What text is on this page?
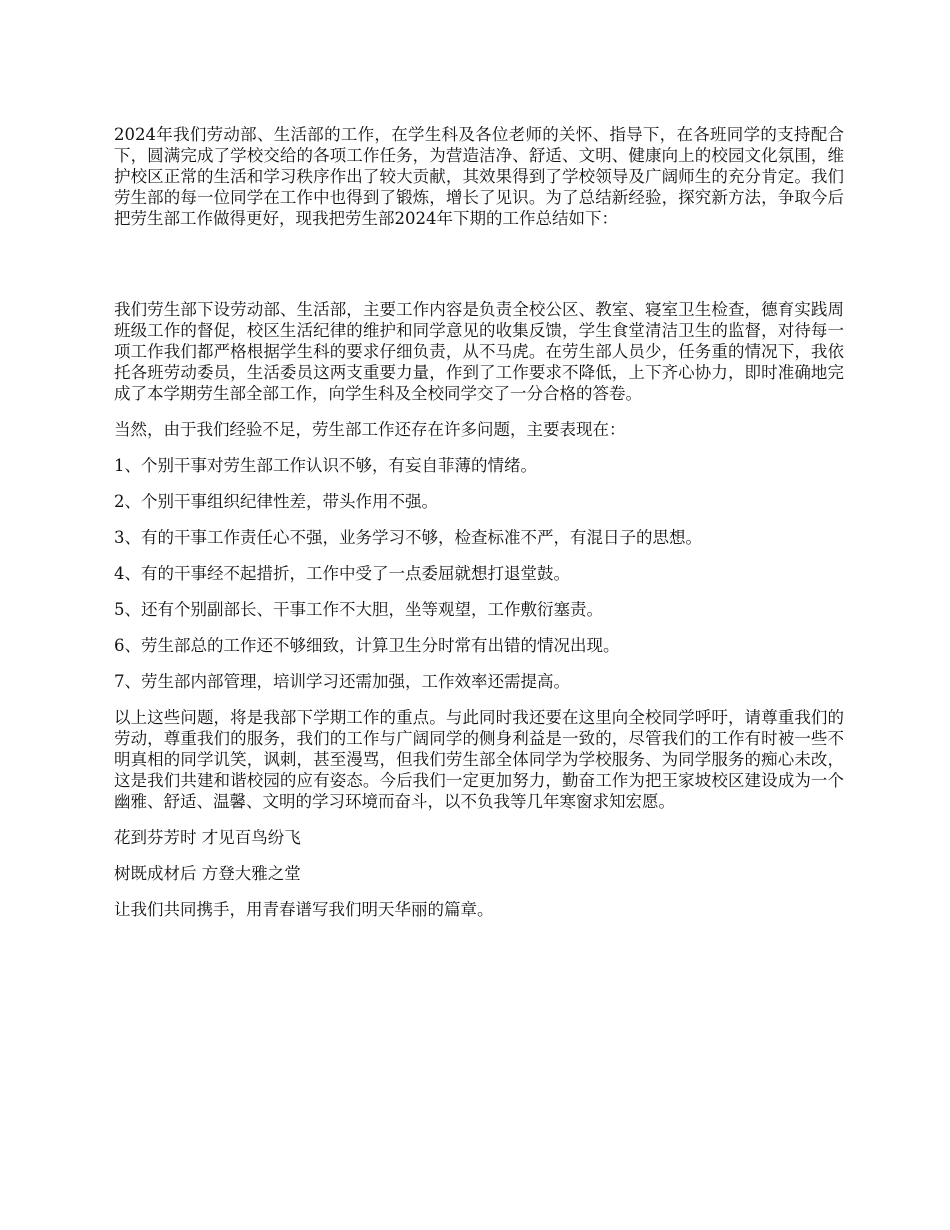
2024年我们劳动部、生活部的工作，在学生科及各位老师的关怀、指导下，在各班同学的支持配合下，圆满完成了学校交给的各项工作任务，为营造洁净、舒适、文明、健康向上的校园文化氛围，维护校区正常的生活和学习秩序作出了较大贡献，其效果得到了学校领导及广阔师生的充分肯定。我们劳生部的每一位同学在工作中也得到了锻炼，增长了见识。为了总结新经验，探究新方法，争取今后把劳生部工作做得更好，现我把劳生部2024年下期的工作总结如下：

我们劳生部下设劳动部、生活部，主要工作内容是负责全校公区、教室、寝室卫生检查，德育实践周班级工作的督促，校区生活纪律的维护和同学意见的收集反馈，学生食堂清洁卫生的监督，对待每一项工作我们都严格根据学生科的要求仔细负责，从不马虎。在劳生部人员少，任务重的情况下，我依托各班劳动委员，生活委员这两支重要力量，作到了工作要求不降低，上下齐心协力，即时准确地完成了本学期劳生部全部工作，向学生科及全校同学交了一分合格的答卷。

当然，由于我们经验不足，劳生部工作还存在许多问题，主要表现在：

1、个别干事对劳生部工作认识不够，有妄自菲薄的情绪。

2、个别干事组织纪律性差，带头作用不强。

3、有的干事工作责任心不强，业务学习不够，检查标准不严，有混日子的思想。

4、有的干事经不起措折，工作中受了一点委屈就想打退堂鼓。

5、还有个别副部长、干事工作不大胆，坐等观望，工作敷衍塞责。

6、劳生部总的工作还不够细致，计算卫生分时常有出错的情况出现。

7、劳生部内部管理，培训学习还需加强，工作效率还需提高。

以上这些问题，将是我部下学期工作的重点。与此同时我还要在这里向全校同学呼吁，请尊重我们的劳动，尊重我们的服务，我们的工作与广阔同学的侧身利益是一致的，尽管我们的工作有时被一些不明真相的同学讥笑，讽刺，甚至漫骂，但我们劳生部全体同学为学校服务、为同学服务的痴心未改，这是我们共建和谐校园的应有姿态。今后我们一定更加努力，勤奋工作为把王家坡校区建设成为一个幽雅、舒适、温馨、文明的学习环境而奋斗，以不负我等几年寒窗求知宏愿。

花到芬芳时 才见百鸟纷飞

树既成材后 方登大雅之堂

让我们共同携手，用青春谱写我们明天华丽的篇章。
